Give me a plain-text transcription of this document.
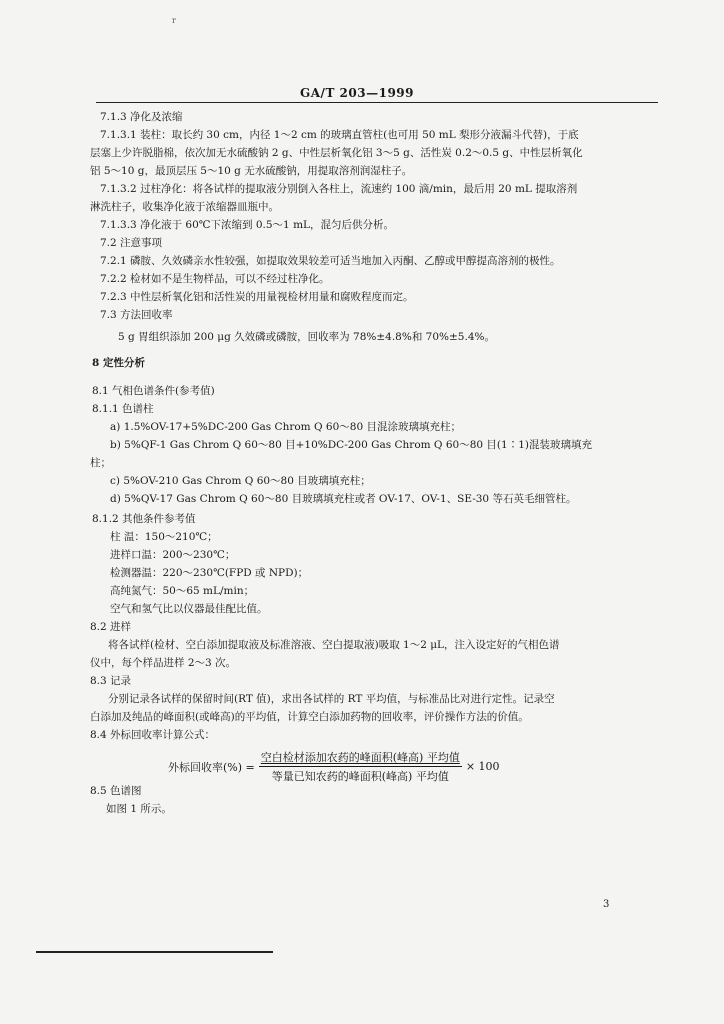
r
GA/T 203—1999
7.1.3 净化及浓缩
7.1.3.1 装柱：取长约 30 cm，内径 1～2 cm 的玻璃直管柱(也可用 50 mL 梨形分液漏斗代替)，于底
层塞上少许脱脂棉，依次加无水硫酸钠 2 g、中性层析氧化铝 3～5 g、活性炭 0.2～0.5 g、中性层析氧化
铝 5～10 g，最顶层压 5～10 g 无水硫酸钠，用提取溶剂润湿柱子。
7.1.3.2 过柱净化：将各试样的提取液分别倒入各柱上，流速约 100 滴/min，最后用 20 mL 提取溶剂
淋洗柱子，收集净化液于浓缩器皿瓶中。
7.1.3.3 净化液于 60℃下浓缩到 0.5～1 mL，混匀后供分析。
7.2 注意事项
7.2.1 磷胺、久效磷亲水性较强，如提取效果较差可适当地加入丙酮、乙醇或甲醇提高溶剂的极性。
7.2.2 检材如不是生物样品，可以不经过柱净化。
7.2.3 中性层析氧化铝和活性炭的用量视检材用量和腐败程度而定。
7.3 方法回收率
5 g 胃组织添加 200 μg 久效磷或磷胺，回收率为 78%±4.8%和 70%±5.4%。
8 定性分析
8.1 气相色谱条件(参考值)
8.1.1 色谱柱
a) 1.5%OV-17+5%DC-200 Gas Chrom Q 60～80 目混涂玻璃填充柱；
b) 5%QF-1 Gas Chrom Q 60～80 目+10%DC-200 Gas Chrom Q 60～80 目(1∶1)混装玻璃填充
柱；
c) 5%OV-210 Gas Chrom Q 60～80 目玻璃填充柱；
d) 5%QV-17 Gas Chrom Q 60～80 目玻璃填充柱或者 OV-17、OV-1、SE-30 等石英毛细管柱。
8.1.2 其他条件参考值
柱 温：150～210℃；
进样口温：200～230℃；
检测器温：220～230℃(FPD 或 NPD)；
高纯氮气：50～65 mL/min；
空气和氢气比以仪器最佳配比值。
8.2 进样
将各试样(检材、空白添加提取液及标准溶液、空白提取液)吸取 1～2 μL，注入设定好的气相色谱
仪中，每个样品进样 2～3 次。
8.3 记录
分别记录各试样的保留时间(RT 值)，求出各试样的 RT 平均值，与标准品比对进行定性。记录空
白添加及纯品的峰面积(或峰高)的平均值，计算空白添加药物的回收率，评价操作方法的价值。
8.4 外标回收率计算公式：
8.5 色谱图
如图 1 所示。
外标回收率(%) = $\frac{\text{空白检材添加农药的峰面积(峰高) 平均值}}{\text{等量已知农药的峰面积(峰高) 平均值}} \times 100$
3
